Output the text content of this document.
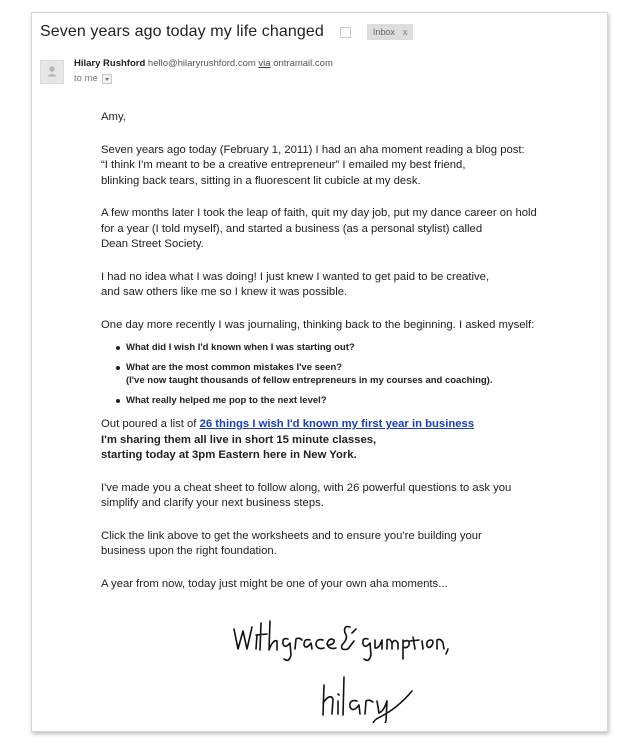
Seven years ago today my life changed	Inbox x
Hilary Rushford hello@hilaryrushford.com via ontramail.com
to me

Amy,

Seven years ago today (February 1, 2011) I had an aha moment reading a blog post:
“I think I'm meant to be a creative entrepreneur” I emailed my best friend,
blinking back tears, sitting in a fluorescent lit cubicle at my desk.

A few months later I took the leap of faith, quit my day job, put my dance career on hold
for a year (I told myself), and started a business (as a personal stylist) called
Dean Street Society.

I had no idea what I was doing! I just knew I wanted to get paid to be creative,
and saw others like me so I knew it was possible.

One day more recently I was journaling, thinking back to the beginning. I asked myself:

What did I wish I'd known when I was starting out?
What are the most common mistakes I've seen?
(I've now taught thousands of fellow entrepreneurs in my courses and coaching).
What really helped me pop to the next level?

Out poured a list of 26 things I wish I'd known my first year in business

I'm sharing them all live in short 15 minute classes,
starting today at 3pm Eastern here in New York.

I've made you a cheat sheet to follow along, with 26 powerful questions to ask you
simplify and clarify your next business steps.

Click the link above to get the worksheets and to ensure you're building your
business upon the right foundation.

A year from now, today just might be one of your own aha moments...
